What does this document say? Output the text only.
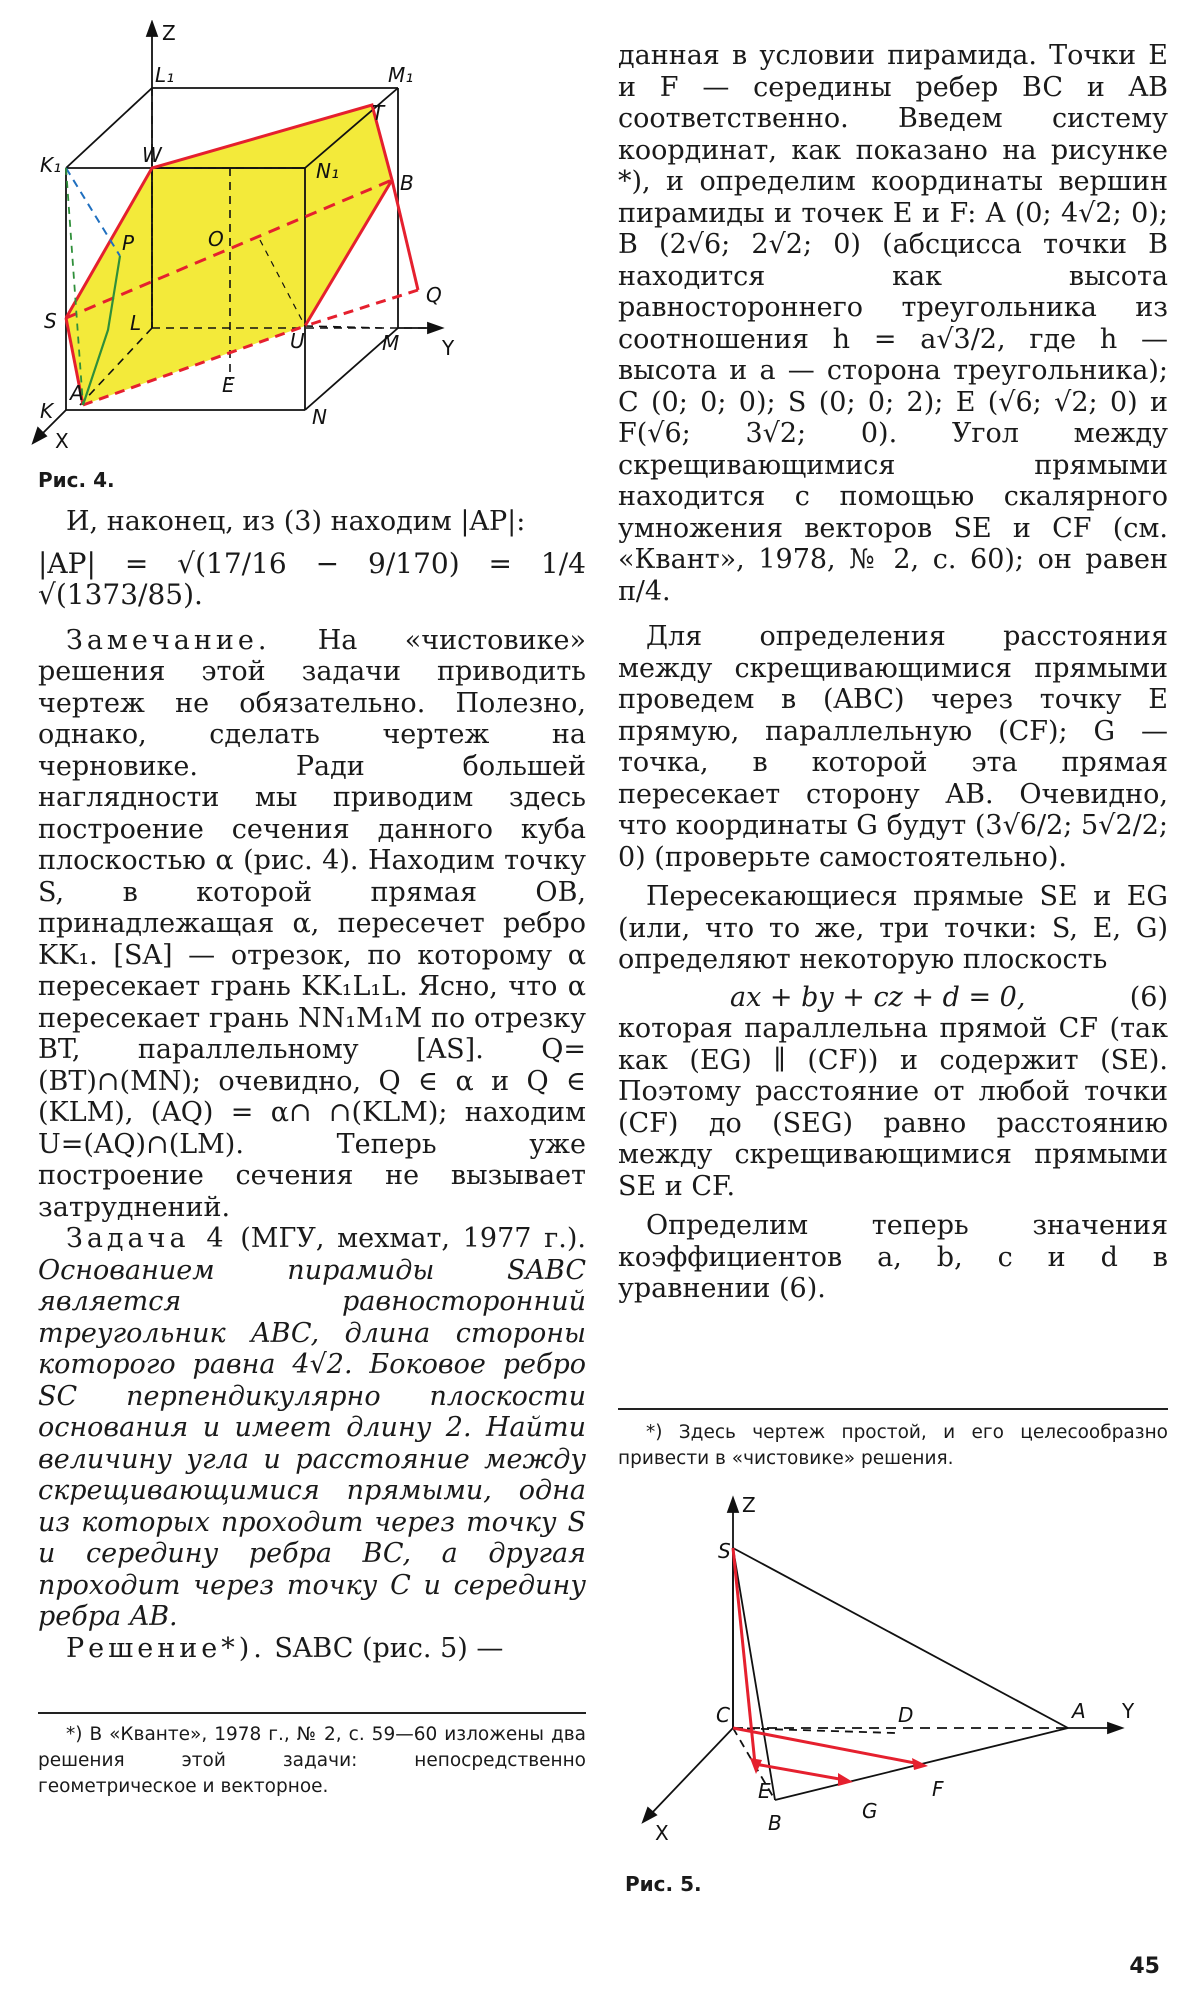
Z
Y
X
L₁	M₁
K₁	W
N₁
T
B
P	O
S	L
U	M
Q
A	E
K	N
Рис. 4.

И, наконец, из (3) находим |AP|:

|AP| = √(17/16 − 9/170) = 1/4 √(1373/85).

Замечание. На «чистовике» решения этой задачи приводить чертеж не обязательно. Полезно, однако, сделать чертеж на черновике. Ради большей наглядности мы приводим здесь построение сечения данного куба плоскостью α (рис. 4). Находим точку S, в которой прямая OB, принадлежащая α, пересечет ребро KK₁. [SA] — отрезок, по которому α пересекает грань KK₁L₁L. Ясно, что α пересекает грань NN₁M₁M по отрезку BT, параллельному [AS]. Q=(BT)∩(MN); очевидно, Q ∈ α и Q ∈ (KLM), (AQ) = α∩ ∩(KLM); находим U=(AQ)∩(LM). Теперь уже построение сечения не вызывает затруднений.

Задача 4 (МГУ, мехмат, 1977 г.). Основанием пирамиды SABC является равносторонний треугольник ABC, длина стороны которого равна 4√2. Боковое ребро SC перпендикулярно плоскости основания и имеет длину 2. Найти величину угла и расстояние между скрещивающимися прямыми, одна из которых проходит через точку S и середину ребра BC, а другая проходит через точку C и середину ребра AB.

Решение*). SABC (рис. 5) —

*) В «Кванте», 1978 г., № 2, с. 59—60 изложены два решения этой задачи: непосредственно геометрическое и векторное.

данная в условии пирамида. Точки E и F — середины ребер BC и AB соответственно. Введем систему координат, как показано на рисунке *), и определим координаты вершин пирамиды и точек E и F: A (0; 4√2; 0); B (2√6; 2√2; 0) (абсцисса точки B находится как высота равностороннего треугольника из соотношения h = a√3/2, где h — высота и a — сторона треугольника); C (0; 0; 0); S (0; 0; 2); E (√6; √2; 0) и F(√6; 3√2; 0). Угол между скрещивающимися прямыми находится с помощью скалярного умножения векторов SE и CF (см. «Квант», 1978, № 2, с. 60); он равен π/4.

Для определения расстояния между скрещивающимися прямыми проведем в (ABC) через точку E прямую, параллельную (CF); G — точка, в которой эта прямая пересекает сторону AB. Очевидно, что координаты G будут (3√6/2; 5√2/2; 0) (проверьте самостоятельно).

Пересекающиеся прямые SE и EG (или, что то же, три точки: S, E, G) определяют некоторую плоскость

ax + by + cz + d = 0,	(6)

которая параллельна прямой CF (так как (EG) ∥ (CF)) и содержит (SE). Поэтому расстояние от любой точки (CF) до (SEG) равно расстоянию между скрещивающимися прямыми SE и CF.

Определим теперь значения коэффициентов a, b, c и d в уравнении (6).

*) Здесь чертеж простой, и его целесообразно привести в «чистовике» решения.
Z
Y
X
S
C	D	A
E	F
G
B
Рис. 5.
45
